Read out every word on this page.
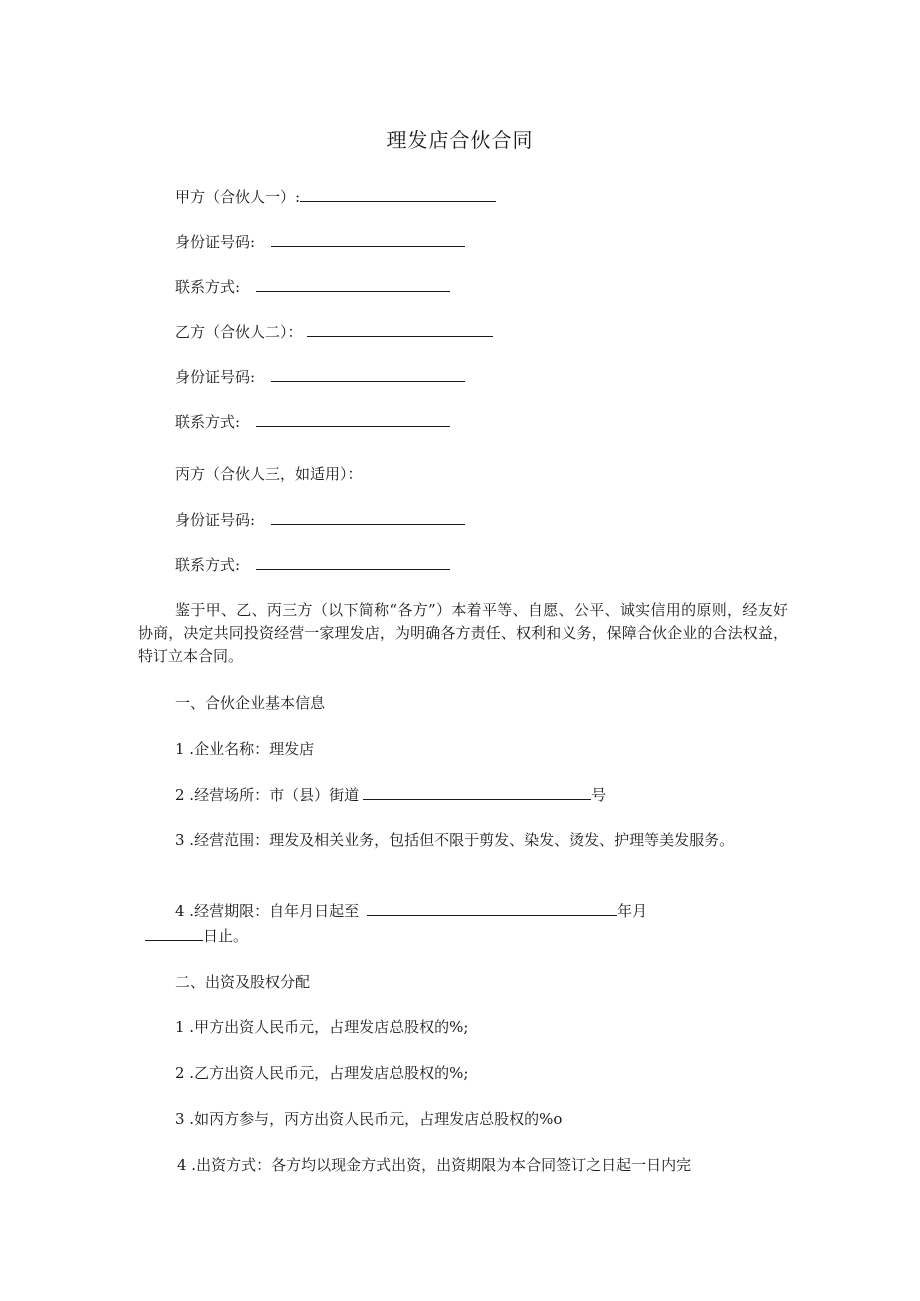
理发店合伙合同
甲方（合伙人一）:
身份证号码:
联系方式:
乙方（合伙人二）：
身份证号码:
联系方式:
丙方（合伙人三，如适用）：
身份证号码:
联系方式:
鉴于甲、乙、丙三方（以下简称“各方”）本着平等、自愿、公平、诚实信用的原则，经友好协商，决定共同投资经营一家理发店，为明确各方责任、权利和义务，保障合伙企业的合法权益，特订立本合同。
一、合伙企业基本信息
1 .企业名称：理发店
2 .经营场所：市（县）街道	号
3 .经营范围：理发及相关业务，包括但不限于剪发、染发、烫发、护理等美发服务。
4 .经营期限：自年月日起至	年月
日止。
二、出资及股权分配
1 .甲方出资人民币元，占理发店总股权的%;
2 .乙方出资人民币元，占理发店总股权的%;
3 .如丙方参与，丙方出资人民币元，占理发店总股权的%o
4 .出资方式：各方均以现金方式出资，出资期限为本合同签订之日起一日内完
